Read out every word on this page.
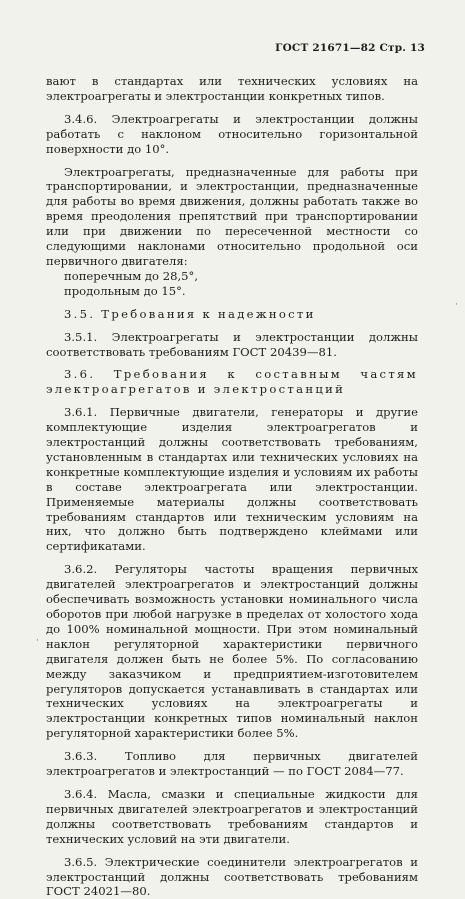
ГОСТ 21671—82 Стр. 13

вают в стандартах или технических условиях на электроагрегаты и электростанции конкретных типов.

3.4.6. Электроагрегаты и электростанции должны работать с наклоном относительно горизонтальной поверхности до 10°.

Электроагрегаты, предназначенные для работы при транспортировании, и электростанции, предназначенные для работы во время движения, должны работать также во время преодоления препятствий при транспортировании или при движении по пересеченной местности со следующими наклонами относительно продольной оси первичного двигателя:

поперечным до 28,5°,

продольным до 15°.

3.5. Требования к надежности

3.5.1. Электроагрегаты и электростанции должны соответствовать требованиям ГОСТ 20439—81.

3.6. Требования к составным частям электроагрегатов и электростанций

3.6.1. Первичные двигатели, генераторы и другие комплектующие изделия электроагрегатов и электростанций должны соответствовать требованиям, установленным в стандартах или технических условиях на конкретные комплектующие изделия и условиям их работы в составе электроагрегата или электростанции. Применяемые материалы должны соответствовать требованиям стандартов или техническим условиям на них, что должно быть подтверждено клеймами или сертификатами.

3.6.2. Регуляторы частоты вращения первичных двигателей электроагрегатов и электростанций должны обеспечивать возможность установки номинального числа оборотов при любой нагрузке в пределах от холостого хода до 100% номинальной мощности. При этом номинальный наклон регуляторной характеристики первичного двигателя должен быть не более 5%. По согласованию между заказчиком и предприятием-изготовителем регуляторов допускается устанавливать в стандартах или технических условиях на электроагрегаты и электростанции конкретных типов номинальный наклон регуляторной характеристики более 5%.

3.6.3. Топливо для первичных двигателей электроагрегатов и электростанций — по ГОСТ 2084—77.

3.6.4. Масла, смазки и специальные жидкости для первичных двигателей электроагрегатов и электростанций должны соответствовать требованиям стандартов и технических условий на эти двигатели.

3.6.5. Электрические соединители электроагрегатов и электростанций должны соответствовать требованиям ГОСТ 24021—80.

·
·
